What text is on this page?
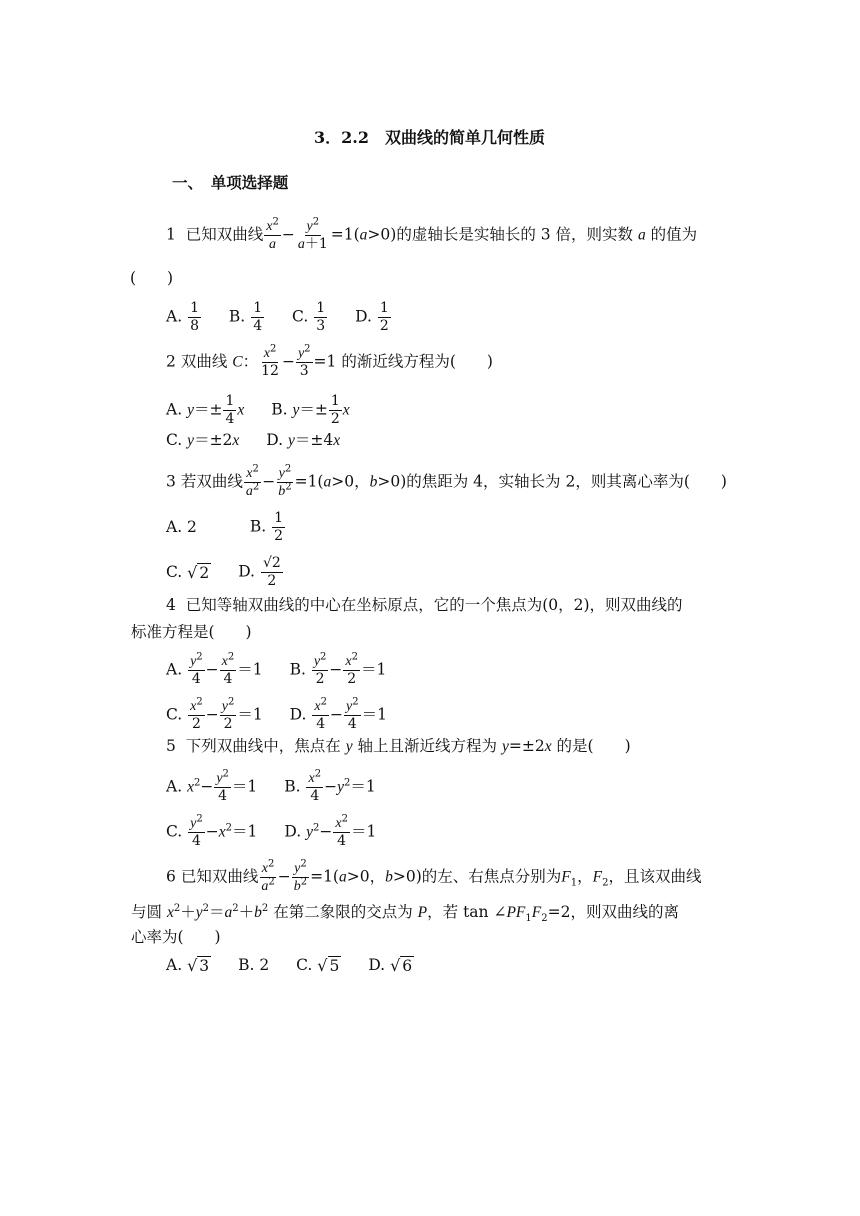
3．2.2　双曲线的简单几何性质
一、　单项选择题
1 已知双曲线 $\frac{x^2}{a} - \frac{y^2}{a+1} =1(a>0)$的虚轴长是实轴长的 3 倍，则实数 a 的值为
(　　)
A. $\frac{1}{8} B$. $\frac{1}{4} C$. $\frac{1}{3} D$. $\frac{1}{2}$
2 双曲线 C： $\frac{x^2}{12} - \frac{y^2}{3} =1$ 的渐近线方程为(　　)
A. $y=\pm \frac{1}{4}$ x B. $y=\pm \frac{1}{2}$ x
C. y＝±2x D. y＝±4x
3 若双曲线 $\frac{x^2}{a^2} - \frac{y^2}{b^2} =1(a>0$，b>0)的焦距为 4，实轴长为 2，则其离心率为(　　)
A. 2	B. $\frac{1}{2}$
C. √ 2 D. $\frac{√2}{2}$
4 已知等轴双曲线的中心在坐标原点，它的一个焦点为(0，2)，则双曲线的
标准方程是(　　)
A. $\frac{y^2}{4} - \frac{x^2}{4} =1$ B. $\frac{y^2}{2} - \frac{x^2}{2} =1$
C. $\frac{x^2}{2} - \frac{y^2}{2} =1$ D. $\frac{x^2}{4} - \frac{y^2}{4} =1$
5 下列双曲线中，焦点在 y 轴上且渐近线方程为 y=±2x 的是(　　)
A. $x^2- \frac{y^2}{4} =1$ B. $\frac{x^2}{4} -y^2=1$
C. $\frac{y^2}{4} -x^2=1$ D. $y^2- \frac{x^2}{4} =1$
6 已知双曲线 $\frac{x^2}{a^2} - \frac{y^2}{b^2} =1(a>0$，b>0)的左、右焦点分别为$F_1$，$F_2$，且该双曲线
与圆 $x^2+y^2=a^2+b^2$ 在第二象限的交点为 P，若 $\tan \angle PF_1F_2=2$，则双曲线的离
心率为(　　)
A. √ 3 B. 2 C. √ 5 D. √ 6
